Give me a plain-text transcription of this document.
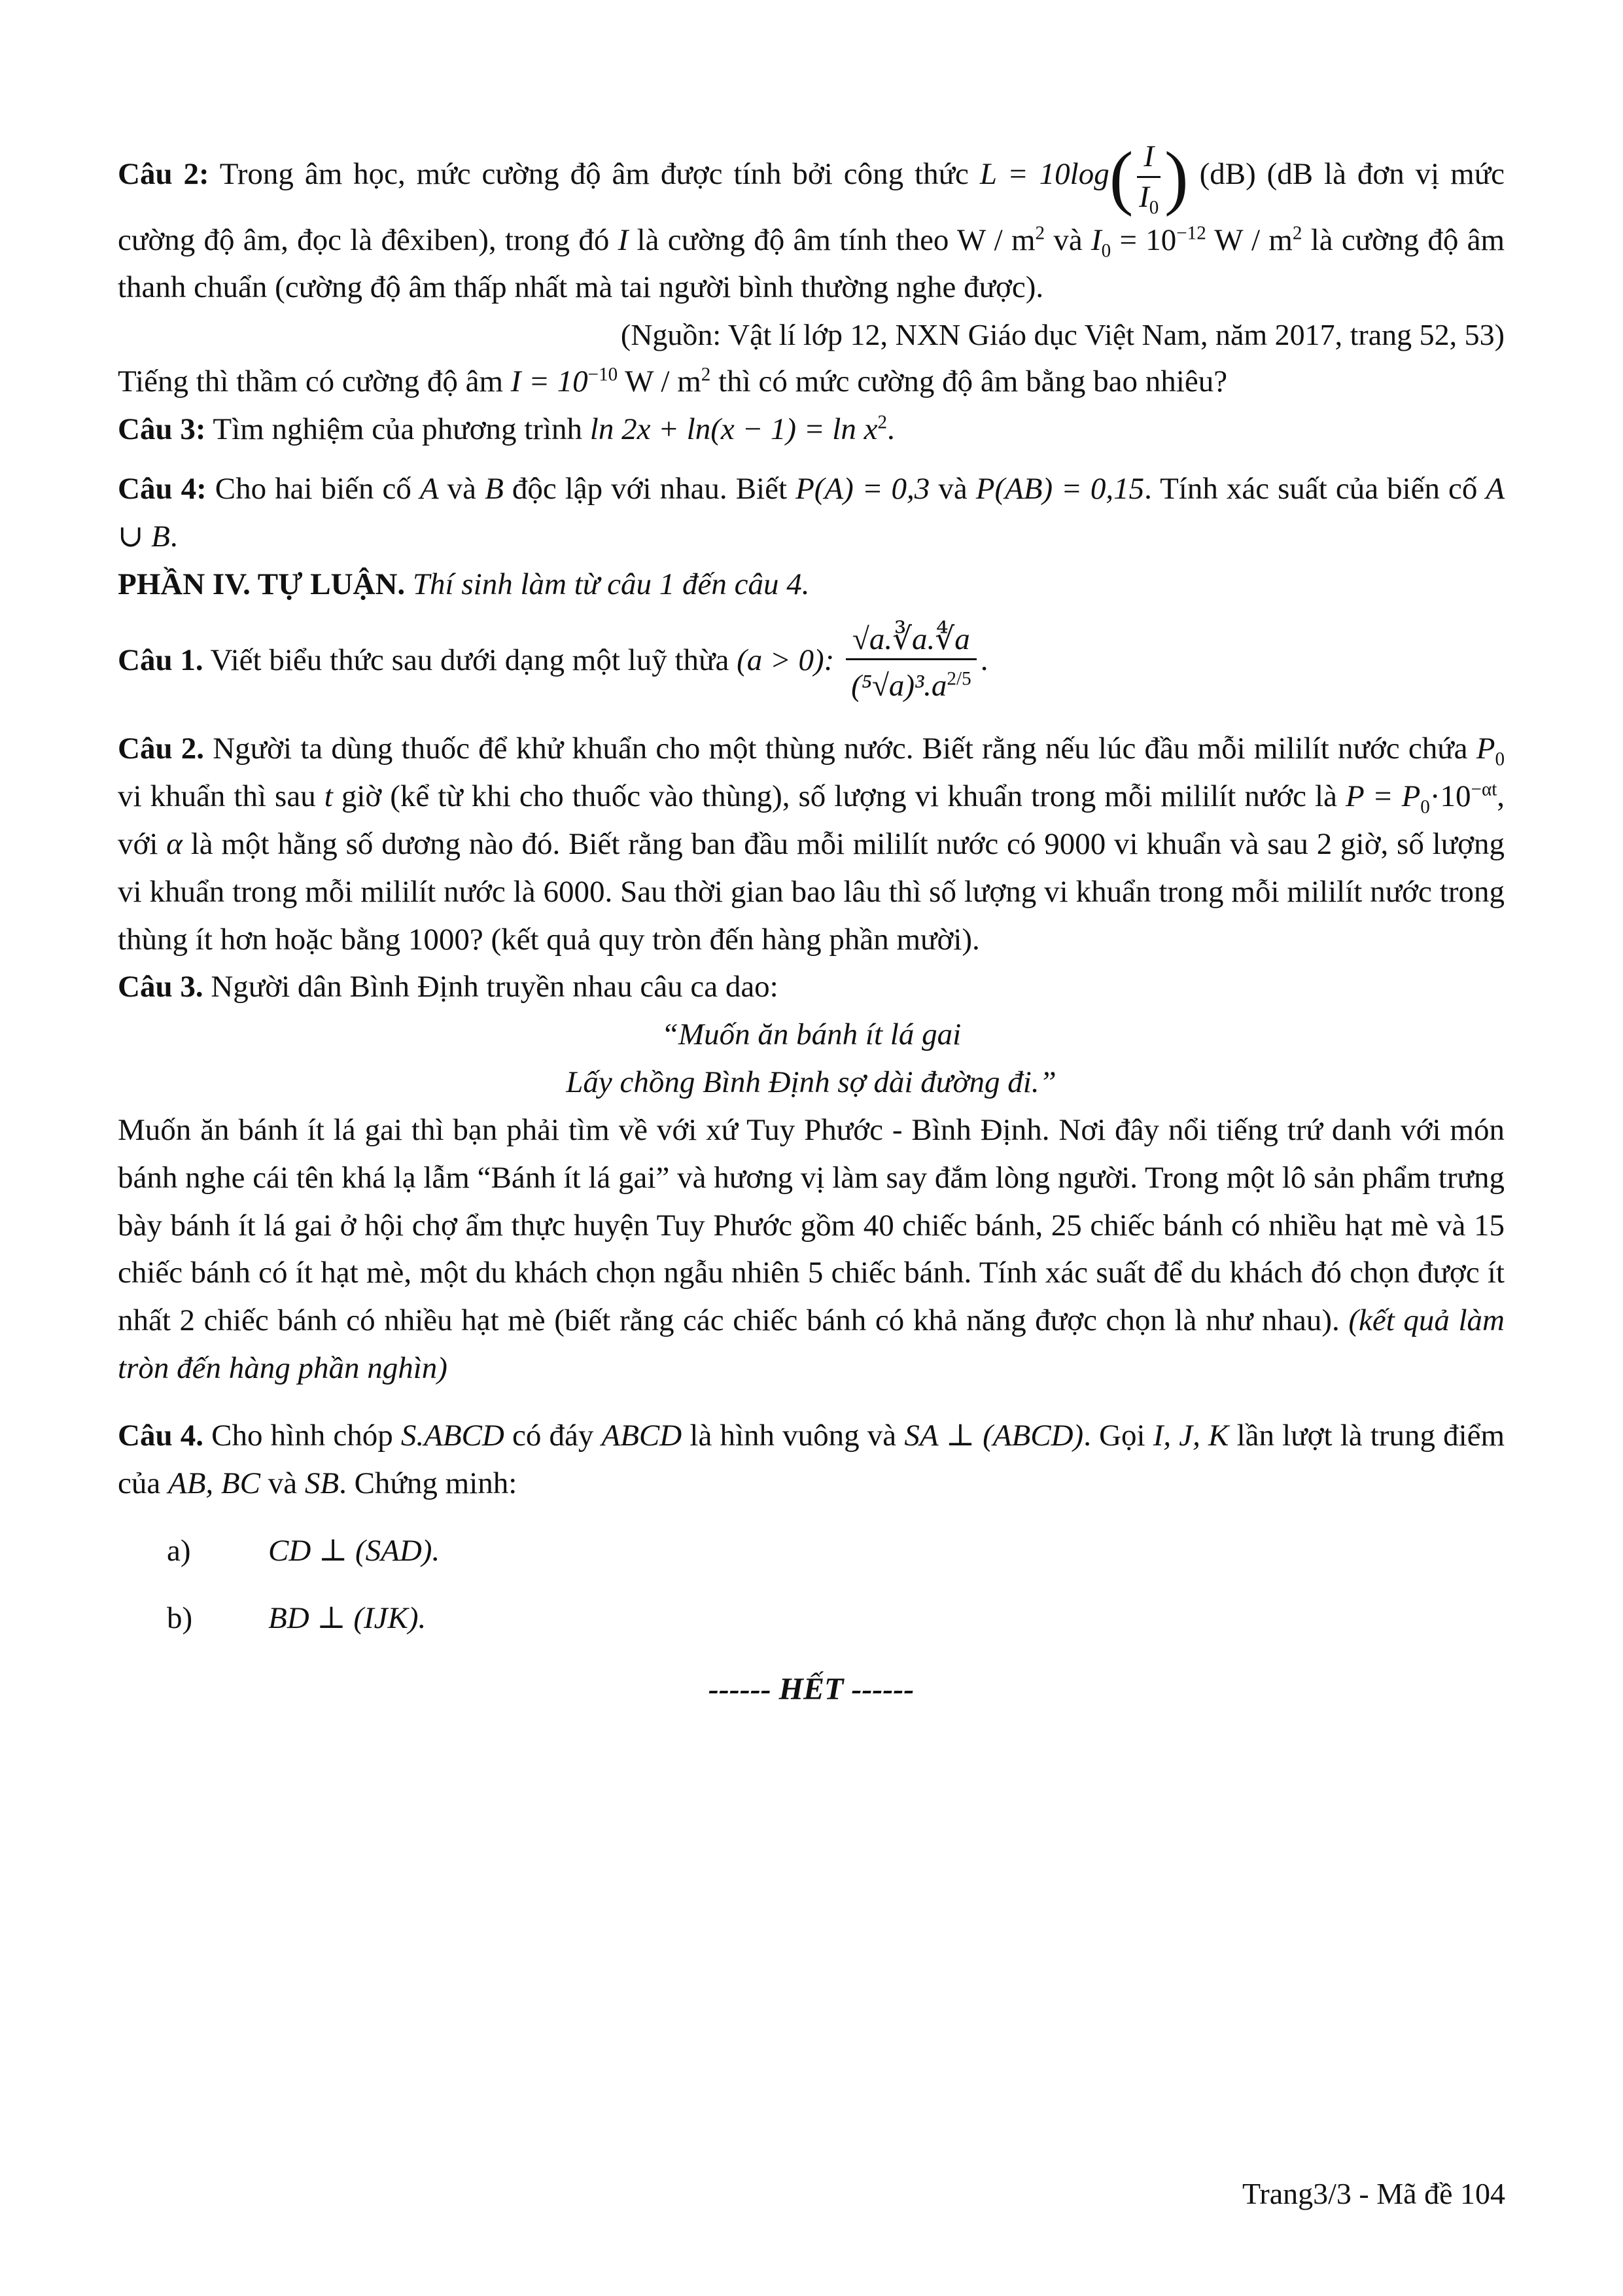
Câu 2: Trong âm học, mức cường độ âm được tính bởi công thức $L = 10\log( \frac{I}{I_0}$ ) (dB) (dB là đơn vị mức cường độ âm, đọc là đêxiben), trong đó I là cường độ âm tính theo W / $m^2$ và $I_0 = 10^{-12}$ W / $m^2$ là cường độ âm thanh chuẩn (cường độ âm thấp nhất mà tai người bình thường nghe được).

(Nguồn: Vật lí lớp 12, NXN Giáo dục Việt Nam, năm 2017, trang 52, 53)

Tiếng thì thầm có cường độ âm $I = 10^{-10}$ W / $m^2$ thì có mức cường độ âm bằng bao nhiêu?

Câu 3: Tìm nghiệm của phương trình $\ln 2x + \ln(x - 1) = \ln x^2$.

Câu 4: Cho hai biến cố A và B độc lập với nhau. Biết P(A) = 0,3 và P(AB) = 0,15. Tính xác suất của biến cố A ∪ B.

PHẦN IV. TỰ LUẬN. Thí sinh làm từ câu 1 đến câu 4.

Câu 1. Viết biểu thức sau dưới dạng một luỹ thừa (a > 0): $\frac{√a.∛a.∜a}{(^5√a)^3.a^{2/5}}$ .

Câu 2. Người ta dùng thuốc để khử khuẩn cho một thùng nước. Biết rằng nếu lúc đầu mỗi mililít nước chứa $P_0$ vi khuẩn thì sau t giờ (kể từ khi cho thuốc vào thùng), số lượng vi khuẩn trong mỗi mililít nước là $P = P_0\cdot 10^{-\alpha t}$, với α là một hằng số dương nào đó. Biết rằng ban đầu mỗi mililít nước có 9000 vi khuẩn và sau 2 giờ, số lượng vi khuẩn trong mỗi mililít nước là 6000. Sau thời gian bao lâu thì số lượng vi khuẩn trong mỗi mililít nước trong thùng ít hơn hoặc bằng 1000? (kết quả quy tròn đến hàng phần mười).

Câu 3. Người dân Bình Định truyền nhau câu ca dao:

“Muốn ăn bánh ít lá gai

Lấy chồng Bình Định sợ dài đường đi.”

Muốn ăn bánh ít lá gai thì bạn phải tìm về với xứ Tuy Phước - Bình Định. Nơi đây nổi tiếng trứ danh với món bánh nghe cái tên khá lạ lẫm “Bánh ít lá gai” và hương vị làm say đắm lòng người. Trong một lô sản phẩm trưng bày bánh ít lá gai ở hội chợ ẩm thực huyện Tuy Phước gồm 40 chiếc bánh, 25 chiếc bánh có nhiều hạt mè và 15 chiếc bánh có ít hạt mè, một du khách chọn ngẫu nhiên 5 chiếc bánh. Tính xác suất để du khách đó chọn được ít nhất 2 chiếc bánh có nhiều hạt mè (biết rằng các chiếc bánh có khả năng được chọn là như nhau). (kết quả làm tròn đến hàng phần nghìn)

Câu 4. Cho hình chóp S.ABCD có đáy ABCD là hình vuông và SA ⊥ (ABCD). Gọi I, J, K lần lượt là trung điểm của AB, BC và SB. Chứng minh:

a)	CD ⊥ (SAD).
b)	BD ⊥ (IJK).

------ HẾT ------

Trang3/3 - Mã đề 104
